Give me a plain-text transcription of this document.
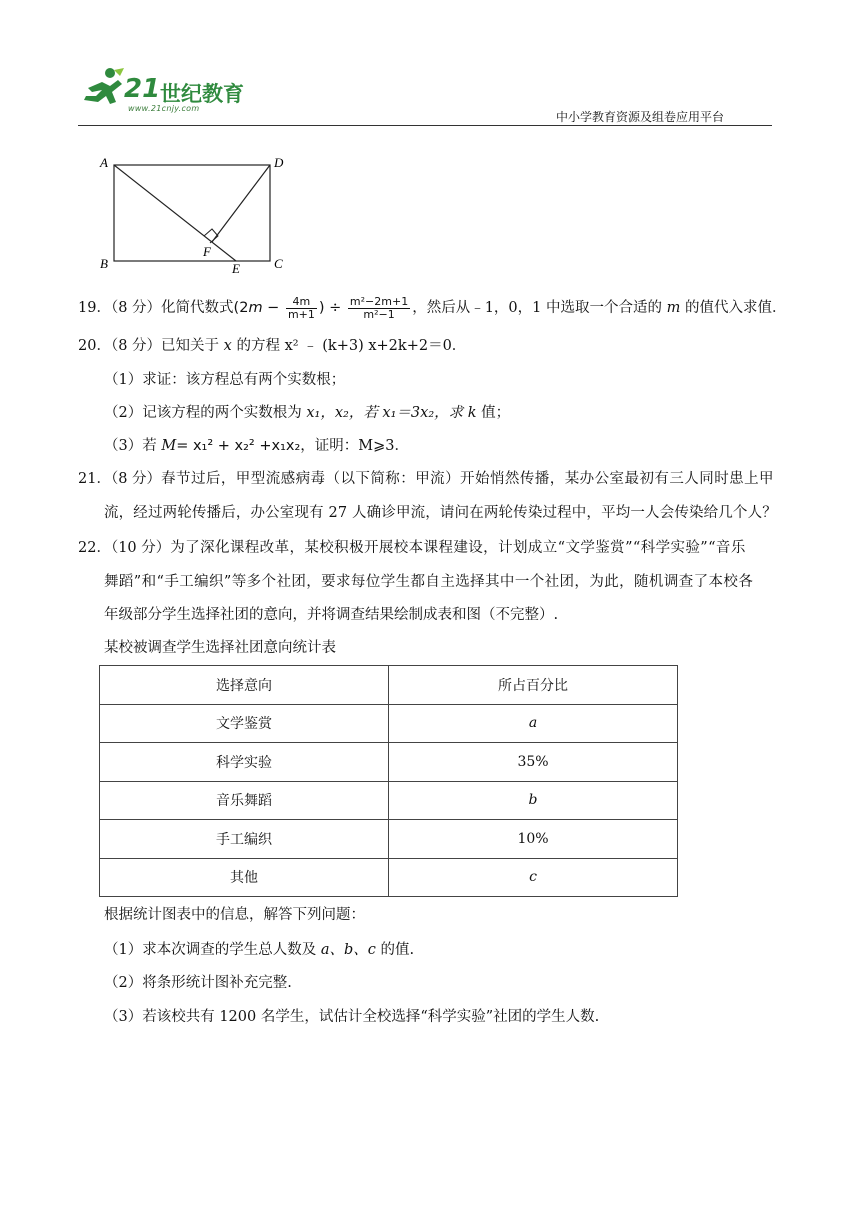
21 世纪教育
www.21cnjy.com
中小学教育资源及组卷应用平台
A	D
B	C
F
E
19．（8 分）化简代数式($2m - \frac{4m}{m+1}$ ) ÷ $\frac{\text{m²−2m+1}}{\text{m²−1}}$ ，然后从﹣1，0，1 中选取一个合适的 m 的值代入求值．
20．（8 分）已知关于 x 的方程 x² ﹣ (k+3) x+2k+2＝0．
（1）求证：该方程总有两个实数根；
（2）记该方程的两个实数根为 x₁，x₂，若 x₁＝3x₂，求 k 值；
（3）若 M= x₁² + x₂² +x₁x₂，证明：M⩾3．
21．（8 分）春节过后，甲型流感病毒（以下简称：甲流）开始悄然传播，某办公室最初有三人同时患上甲
流，经过两轮传播后，办公室现有 27 人确诊甲流，请问在两轮传染过程中，平均一人会传染给几个人？
22．（10 分）为了深化课程改革，某校积极开展校本课程建设，计划成立“文学鉴赏”“科学实验”“音乐
舞蹈”和“手工编织”等多个社团，要求每位学生都自主选择其中一个社团，为此，随机调查了本校各
年级部分学生选择社团的意向，并将调查结果绘制成表和图（不完整）.
某校被调查学生选择社团意向统计表
选择意向	所占百分比
文学鉴赏	a
科学实验	35%
音乐舞蹈	b
手工编织	10%
其他	c
根据统计图表中的信息，解答下列问题：
（1）求本次调查的学生总人数及 a、b、c 的值.
（2）将条形统计图补充完整.
（3）若该校共有 1200 名学生，试估计全校选择“科学实验”社团的学生人数.
